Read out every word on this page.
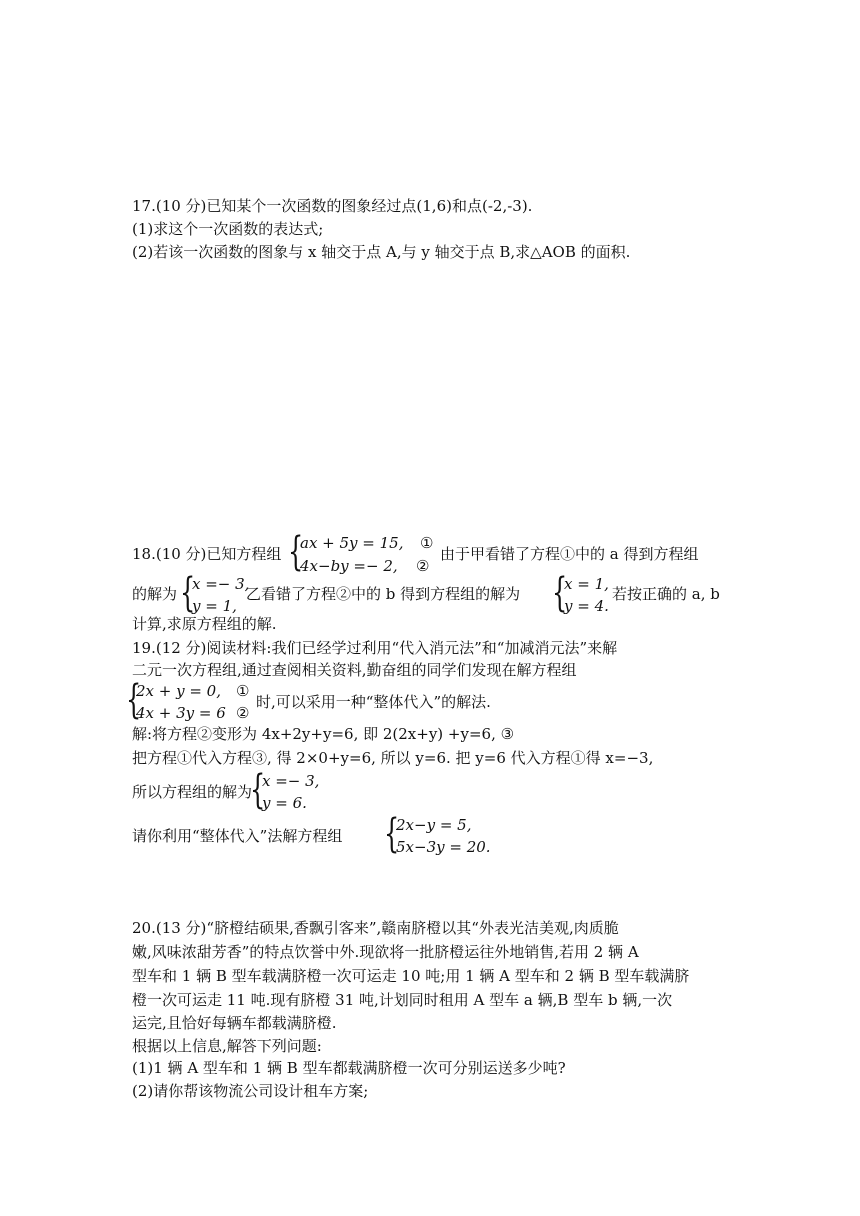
17.(10 分)已知某个一次函数的图象经过点(1,6)和点(-2,-3).
(1)求这个一次函数的表达式;
(2)若该一次函数的图象与 x 轴交于点 A,与 y 轴交于点 B,求△AOB 的面积.
18.(10 分)已知方程组 {
ax + 5y = 15, ①
4x−by =− 2, ②
由于甲看错了方程①中的 a 得到方程组
的解为 {
x =− 3,
y = 1,
乙看错了方程②中的 b 得到方程组的解为 {
x = 1,
y = 4.
若按正确的 a, b
计算,求原方程组的解.
19.(12 分)阅读材料:我们已经学过利用“代入消元法”和“加减消元法”来解
二元一次方程组,通过查阅相关资料,勤奋组的同学们发现在解方程组
{
2x + y = 0, ①
4x + 3y = 6 ②
时,可以采用一种“整体代入”的解法.
解:将方程②变形为 4x+2y+y=6, 即 2(2x+y) +y=6, ③
把方程①代入方程③, 得 2×0+y=6, 所以 y=6. 把 y=6 代入方程①得 x=−3,
所以方程组的解为
{
x =− 3,
y = 6.
请你利用“整体代入”法解方程组 {
2x−y = 5,
5x−3y = 20.
20.(13 分)“脐橙结硕果,香飘引客来”,赣南脐橙以其“外表光洁美观,肉质脆
嫩,风味浓甜芳香”的特点饮誉中外.现欲将一批脐橙运往外地销售,若用 2 辆 A
型车和 1 辆 B 型车载满脐橙一次可运走 10 吨;用 1 辆 A 型车和 2 辆 B 型车载满脐
橙一次可运走 11 吨.现有脐橙 31 吨,计划同时租用 A 型车 a 辆,B 型车 b 辆,一次
运完,且恰好每辆车都载满脐橙.
根据以上信息,解答下列问题:
(1)1 辆 A 型车和 1 辆 B 型车都载满脐橙一次可分别运送多少吨?
(2)请你帮该物流公司设计租车方案;
